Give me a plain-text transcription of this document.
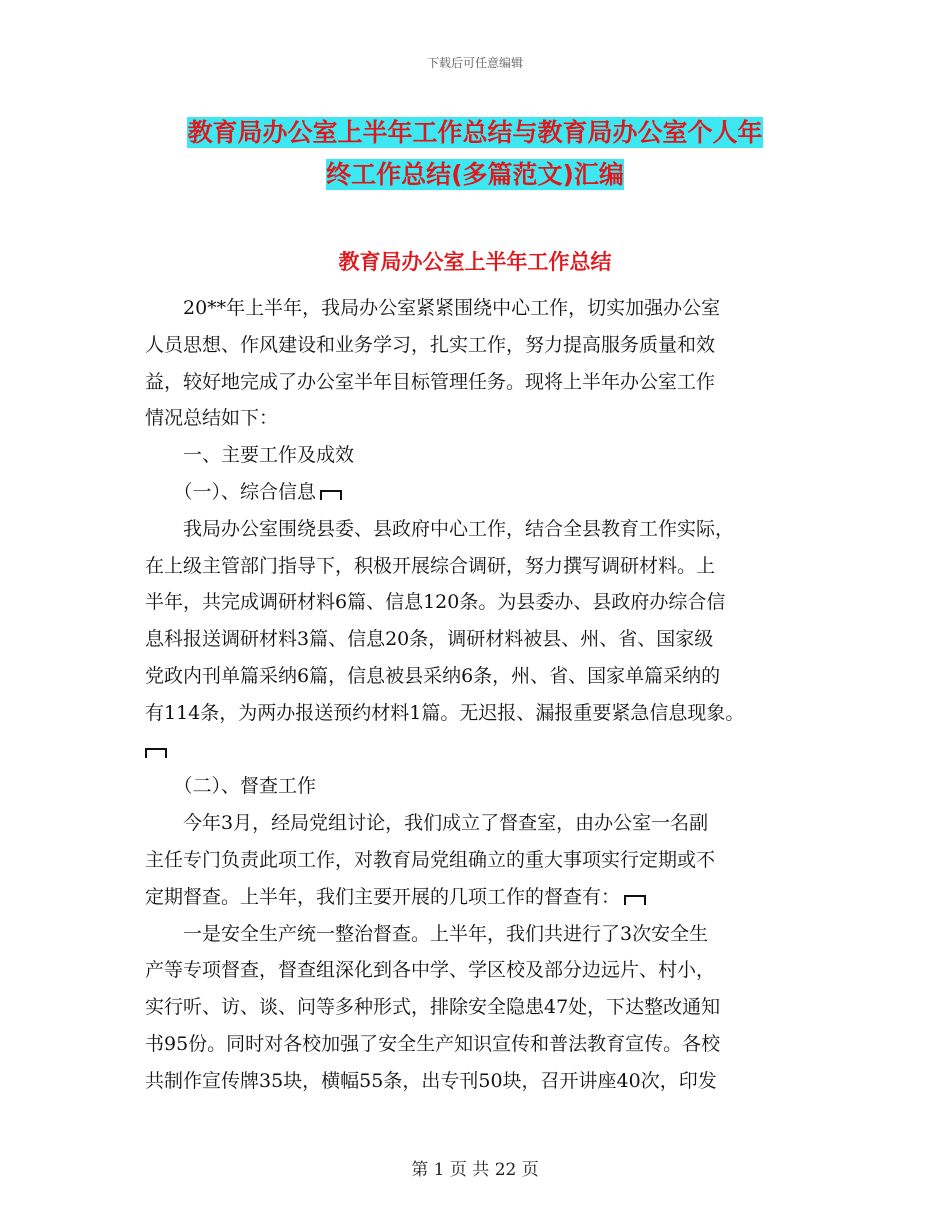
下载后可任意编辑
教育局办公室上半年工作总结与教育局办公室个人年
终工作总结(多篇范文)汇编
教育局办公室上半年工作总结
　　20**年上半年，我局办公室紧紧围绕中心工作，切实加强办公室
人员思想、作风建设和业务学习，扎实工作，努力提高服务质量和效
益，较好地完成了办公室半年目标管理任务。现将上半年办公室工作
情况总结如下：
　　一、主要工作及成效
　　（一）、综合信息
　　我局办公室围绕县委、县政府中心工作，结合全县教育工作实际，
在上级主管部门指导下，积极开展综合调研，努力撰写调研材料。上
半年，共完成调研材料6篇、信息120条。为县委办、县政府办综合信
息科报送调研材料3篇、信息20条，调研材料被县、州、省、国家级
党政内刊单篇采纳6篇，信息被县采纳6条，州、省、国家单篇采纳的
有114条，为两办报送预约材料1篇。无迟报、漏报重要紧急信息现象。
　　（二）、督查工作
　　今年3月，经局党组讨论，我们成立了督查室，由办公室一名副
主任专门负责此项工作，对教育局党组确立的重大事项实行定期或不
定期督查。上半年，我们主要开展的几项工作的督查有：
　　一是安全生产统一整治督查。上半年，我们共进行了3次安全生
产等专项督查，督查组深化到各中学、学区校及部分边远片、村小，
实行听、访、谈、问等多种形式，排除安全隐患47处，下达整改通知
书95份。同时对各校加强了安全生产知识宣传和普法教育宣传。各校
共制作宣传牌35块，横幅55条，出专刊50块，召开讲座40次，印发
第 1 页 共 22 页
